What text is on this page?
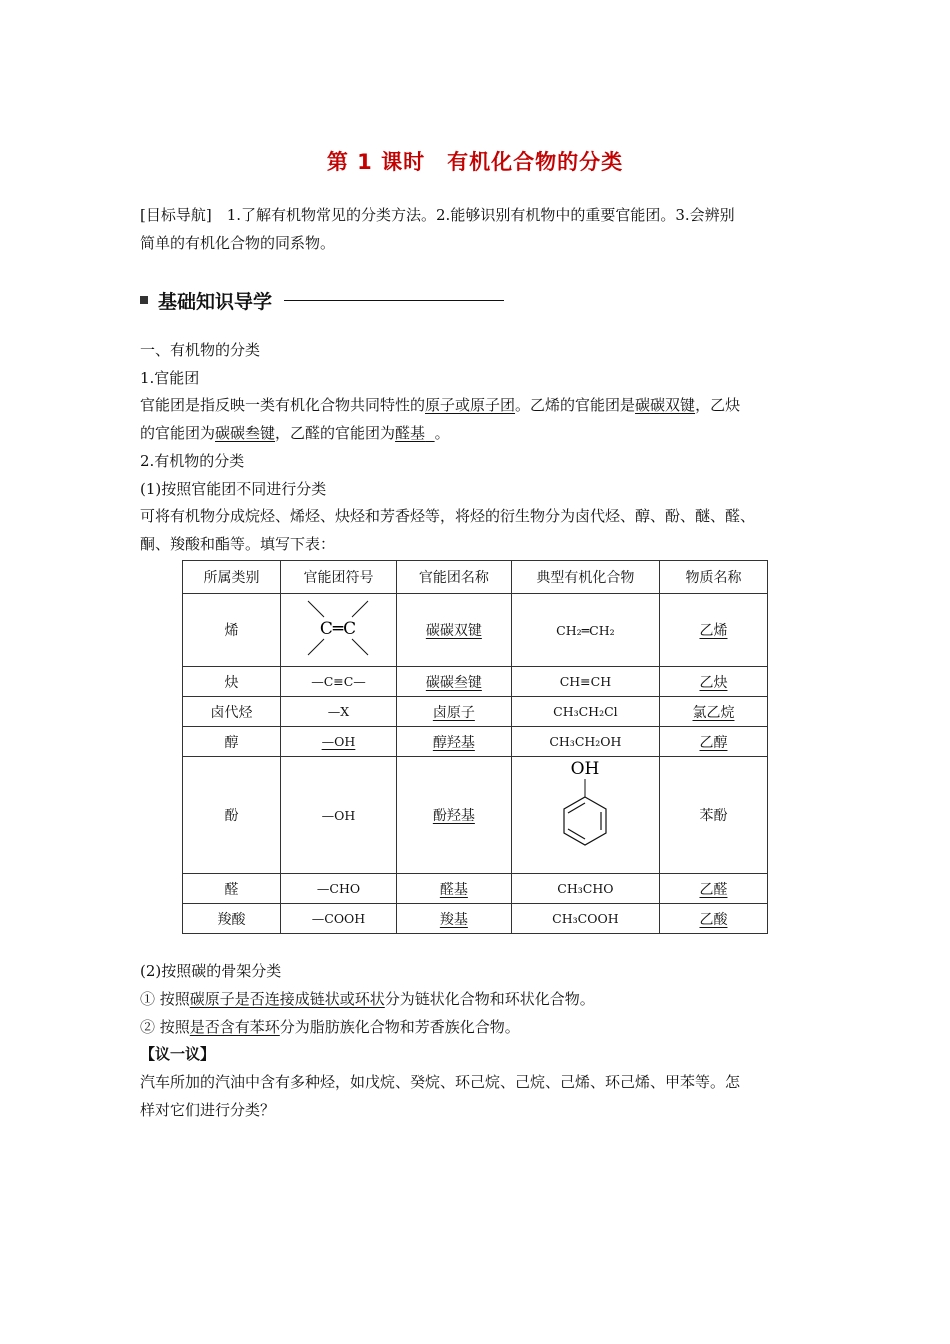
第 1 课时 有机化合物的分类
[目标导航]　1.了解有机物常见的分类方法。2.能够识别有机物中的重要官能团。3.会辨别
简单的有机化合物的同系物。
基础知识导学
一、有机物的分类
1.官能团
官能团是指反映一类有机化合物共同特性的原子或原子团。乙烯的官能团是碳碳双键，乙炔
的官能团为碳碳叁键，乙醛的官能团为醛基 。
2.有机物的分类
(1)按照官能团不同进行分类
可将有机物分成烷烃、烯烃、炔烃和芳香烃等，将烃的衍生物分为卤代烃、醇、酚、醚、醛、
酮、羧酸和酯等。填写下表：
所属类别	官能团符号	官能团名称	典型有机化合物	物质名称
烯	C═C	碳碳双键	CH₂═CH₂	乙烯
炔	—C≡C—	碳碳叁键	CH≡CH	乙炔
卤代烃	—X	卤原子	CH₃CH₂Cl	氯乙烷
醇	—OH	醇羟基	CH₃CH₂OH	乙醇
酚	—OH	酚羟基	OH	苯酚
醛	—CHO	醛基	CH₃CHO	乙醛
羧酸	—COOH	羧基	CH₃COOH	乙酸
(2)按照碳的骨架分类
① 按照碳原子是否连接成链状或环状分为链状化合物和环状化合物。
② 按照是否含有苯环分为脂肪族化合物和芳香族化合物。
【议一议】
汽车所加的汽油中含有多种烃，如戊烷、癸烷、环己烷、己烷、己烯、环己烯、甲苯等。怎
样对它们进行分类？
